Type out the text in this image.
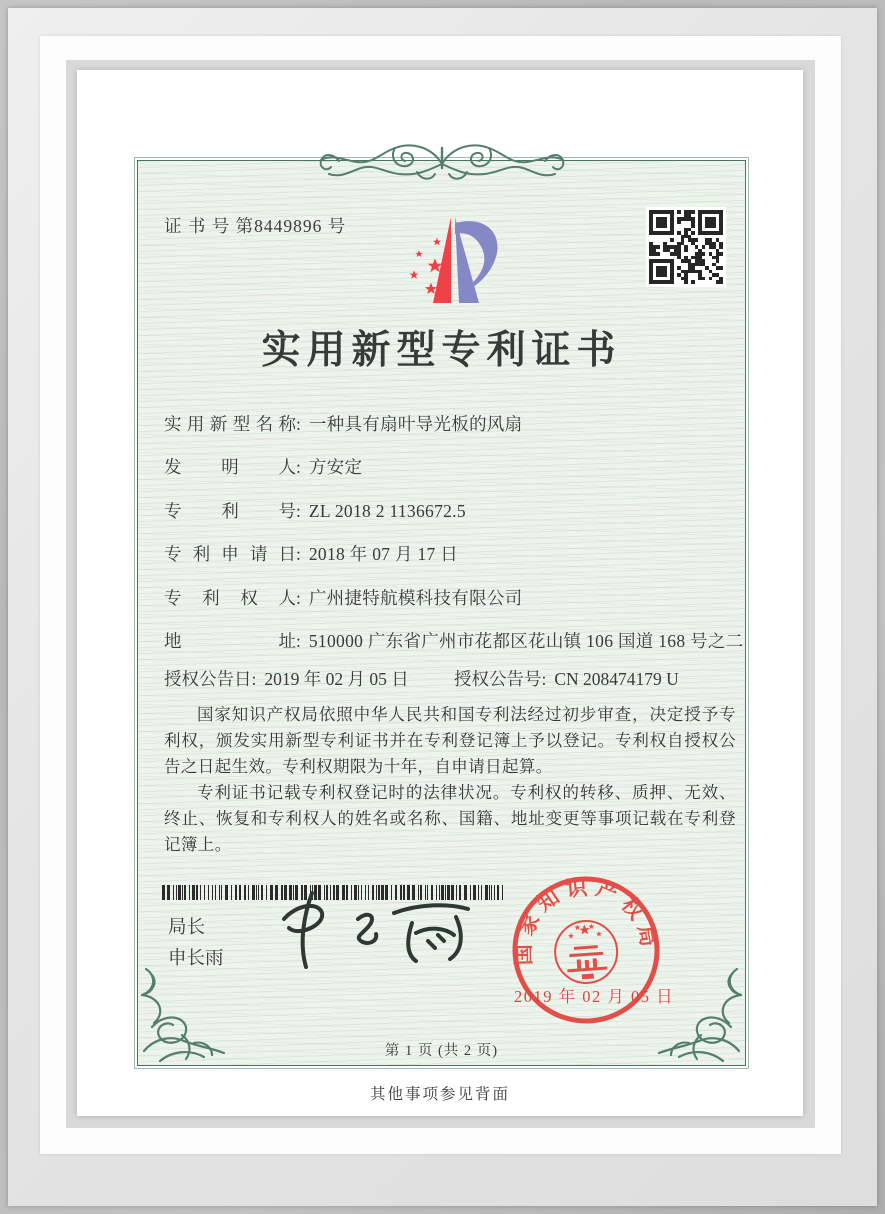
证 书 号 第8449896 号
实用新型专利证书
实用新型名称: 一种具有扇叶导光板的风扇
发明人: 方安定
专利号: ZL 2018 2 1136672.5
专利申请日: 2018 年 07 月 17 日
专利权人: 广州捷特航模科技有限公司
地址: 510000 广东省广州市花都区花山镇 106 国道 168 号之二
授权公告日: 2019 年 02 月 05 日	授权公告号: CN 208474179 U

国家知识产权局依照中华人民共和国专利法经过初步审查，决定授予专利权，颁发实用新型专利证书并在专利登记簿上予以登记。专利权自授权公告之日起生效。专利权期限为十年，自申请日起算。

专利证书记载专利权登记时的法律状况。专利权的转移、质押、无效、终止、恢复和专利权人的姓名或名称、国籍、地址变更等事项记载在专利登记簿上。

局长
申长雨	国家知识产权局
2019 年 02 月 05 日
第 1 页 (共 2 页)
其他事项参见背面
